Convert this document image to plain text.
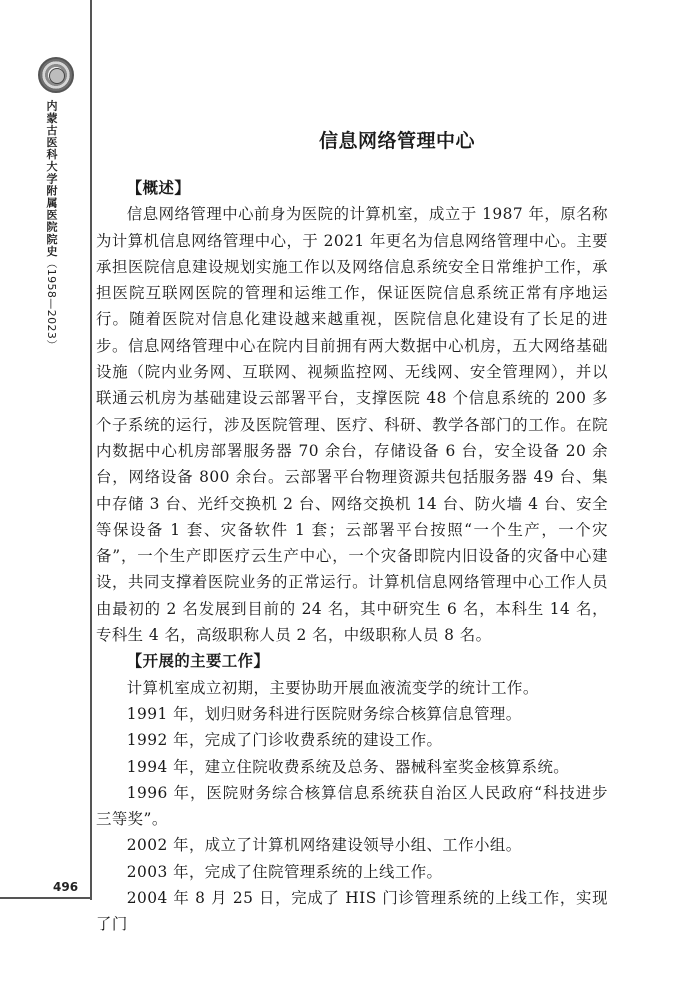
内蒙古医科大学附属医院院史（1958—2023）
496
信息网络管理中心
【概述】

信息网络管理中心前身为医院的计算机室，成立于 1987 年，原名称为计算机信息网络管理中心，于 2021 年更名为信息网络管理中心。主要承担医院信息建设规划实施工作以及网络信息系统安全日常维护工作，承担医院互联网医院的管理和运维工作，保证医院信息系统正常有序地运行。随着医院对信息化建设越来越重视，医院信息化建设有了长足的进步。信息网络管理中心在院内目前拥有两大数据中心机房，五大网络基础设施（院内业务网、互联网、视频监控网、无线网、安全管理网），并以联通云机房为基础建设云部署平台，支撑医院 48 个信息系统的 200 多个子系统的运行，涉及医院管理、医疗、科研、教学各部门的工作。在院内数据中心机房部署服务器 70 余台，存储设备 6 台，安全设备 20 余台，网络设备 800 余台。云部署平台物理资源共包括服务器 49 台、集中存储 3 台、光纤交换机 2 台、网络交换机 14 台、防火墙 4 台、安全等保设备 1 套、灾备软件 1 套；云部署平台按照“一个生产，一个灾备”，一个生产即医疗云生产中心，一个灾备即院内旧设备的灾备中心建设，共同支撑着医院业务的正常运行。计算机信息网络管理中心工作人员由最初的 2 名发展到目前的 24 名，其中研究生 6 名，本科生 14 名，专科生 4 名，高级职称人员 2 名，中级职称人员 8 名。

【开展的主要工作】

计算机室成立初期，主要协助开展血液流变学的统计工作。

1991 年，划归财务科进行医院财务综合核算信息管理。

1992 年，完成了门诊收费系统的建设工作。

1994 年，建立住院收费系统及总务、器械科室奖金核算系统。

1996 年，医院财务综合核算信息系统获自治区人民政府“科技进步三等奖”。

2002 年，成立了计算机网络建设领导小组、工作小组。

2003 年，完成了住院管理系统的上线工作。

2004 年 8 月 25 日，完成了 HIS 门诊管理系统的上线工作，实现了门
